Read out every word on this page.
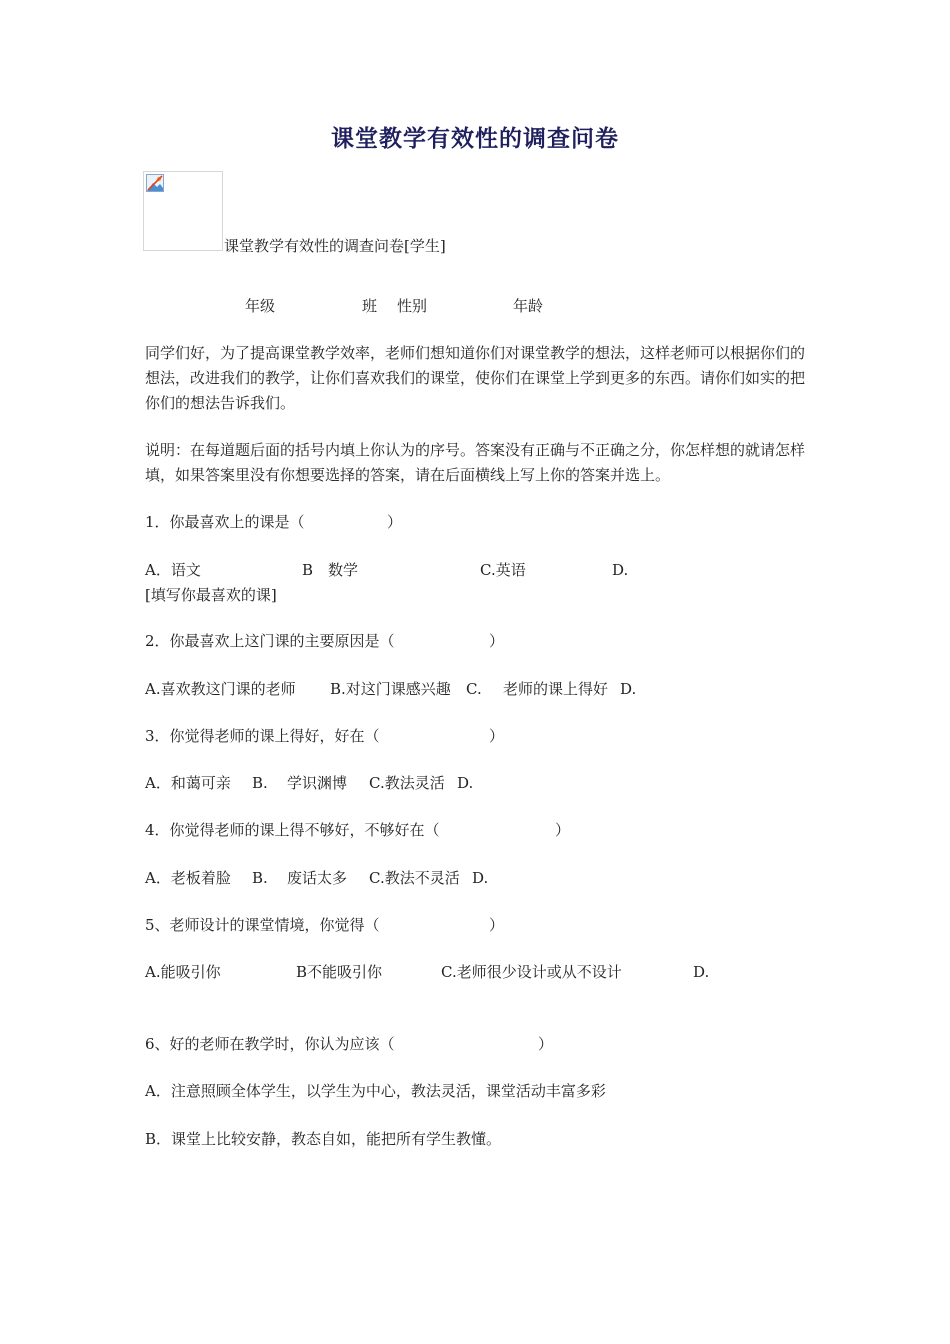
课堂教学有效性的调查问卷
课堂教学有效性的调查问卷[学生]
年级	班 性别	年龄
同学们好，为了提高课堂教学效率，老师们想知道你们对课堂教学的想法，这样老师可以根据你们的想法，改进我们的教学，让你们喜欢我们的课堂，使你们在课堂上学到更多的东西。请你们如实的把你们的想法告诉我们。
说明：在每道题后面的括号内填上你认为的序号。答案没有正确与不正确之分，你怎样想的就请怎样填，如果答案里没有你想要选择的答案，请在后面横线上写上你的答案并选上。
1．你最喜欢上的课是（	）
A．语文	B　数学	C.英语	D.
[填写你最喜欢的课]
2．你最喜欢上这门课的主要原因是（	）
A.喜欢教这门课的老师 B.对这门课感兴趣 C. 老师的课上得好 D.
3．你觉得老师的课上得好，好在（	）
A．和蔼可亲 B. 学识渊博 C.教法灵活 D.
4．你觉得老师的课上得不够好，不够好在（	）
A．老板着脸 B. 废话太多 C.教法不灵活 D.
5、老师设计的课堂情境，你觉得（	）
A.能吸引你	B不能吸引你	C.老师很少设计或从不设计	D.
6、好的老师在教学时，你认为应该（	）
A．注意照顾全体学生，以学生为中心，教法灵活，课堂活动丰富多彩
B．课堂上比较安静，教态自如，能把所有学生教懂。
